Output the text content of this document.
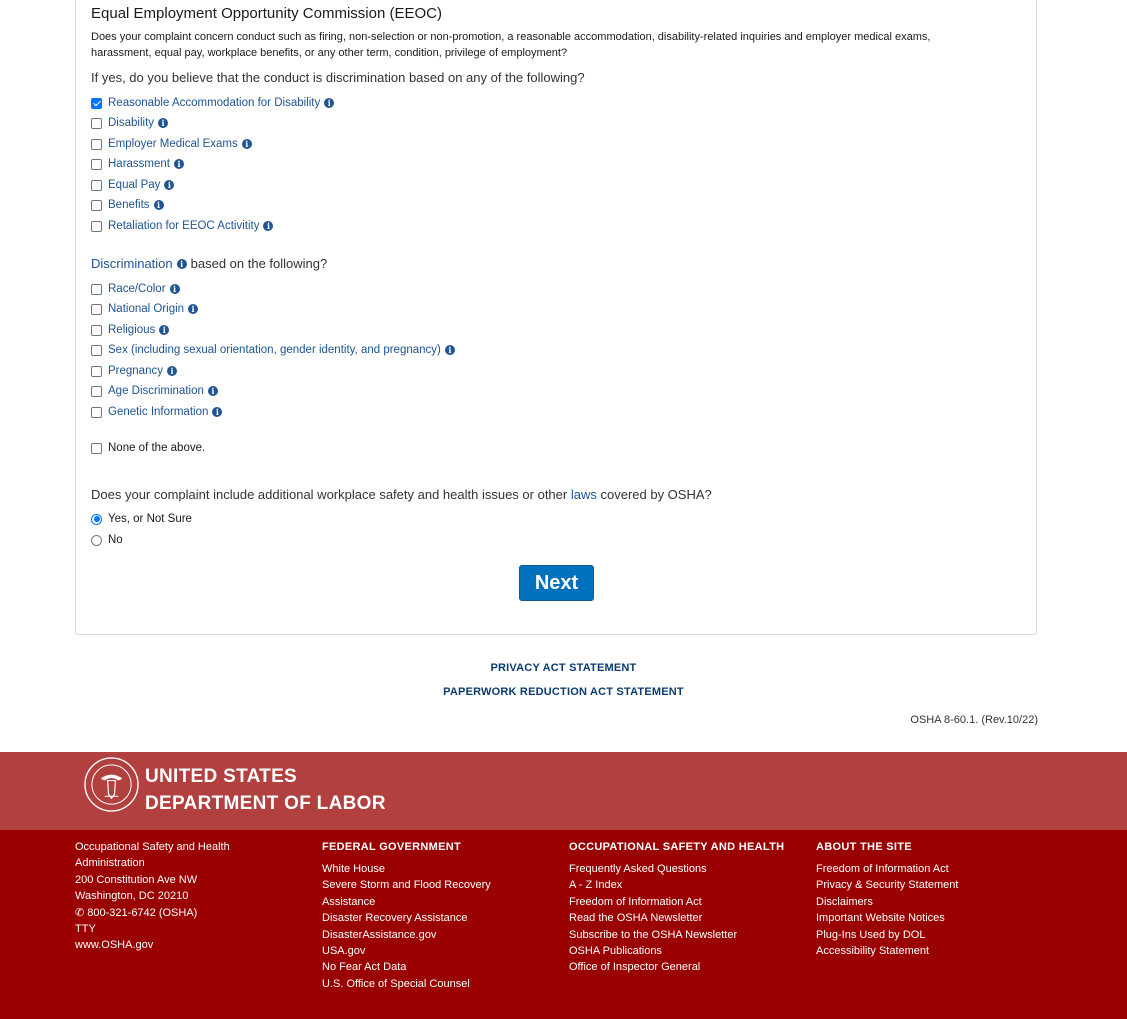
Equal Employment Opportunity Commission (EEOC)
Does your complaint concern conduct such as firing, non-selection or non-promotion, a reasonable accommodation, disability-related inquiries and employer medical exams, harassment, equal pay, workplace benefits, or any other term, condition, privilege of employment?
If yes, do you believe that the conduct is discrimination based on any of the following?
Reasonable Accommodation for Disability i
Disability i
Employer Medical Exams i
Harassment i
Equal Pay i
Benefits i
Retaliation for EEOC Activitity i
Discrimination i based on the following?
Race/Color i
National Origin i
Religious i
Sex (including sexual orientation, gender identity, and pregnancy) i
Pregnancy i
Age Discrimination i
Genetic Information i
None of the above.
Does your complaint include additional workplace safety and health issues or other laws covered by OSHA?
Yes, or Not Sure
No
Next
PRIVACY ACT STATEMENT
PAPERWORK REDUCTION ACT STATEMENT
OSHA 8-60.1. (Rev.10/22)
UNITED STATES
DEPARTMENT OF LABOR
Occupational Safety and Health Administration
200 Constitution Ave NW
Washington, DC 20210
✆ 800-321-6742 (OSHA)
TTY
www.OSHA.gov
FEDERAL GOVERNMENT
White House
Severe Storm and Flood Recovery Assistance
Disaster Recovery Assistance
DisasterAssistance.gov
USA.gov
No Fear Act Data
U.S. Office of Special Counsel
OCCUPATIONAL SAFETY AND HEALTH
Frequently Asked Questions
A - Z Index
Freedom of Information Act
Read the OSHA Newsletter
Subscribe to the OSHA Newsletter
OSHA Publications
Office of Inspector General
ABOUT THE SITE
Freedom of Information Act
Privacy & Security Statement
Disclaimers
Important Website Notices
Plug-Ins Used by DOL
Accessibility Statement
